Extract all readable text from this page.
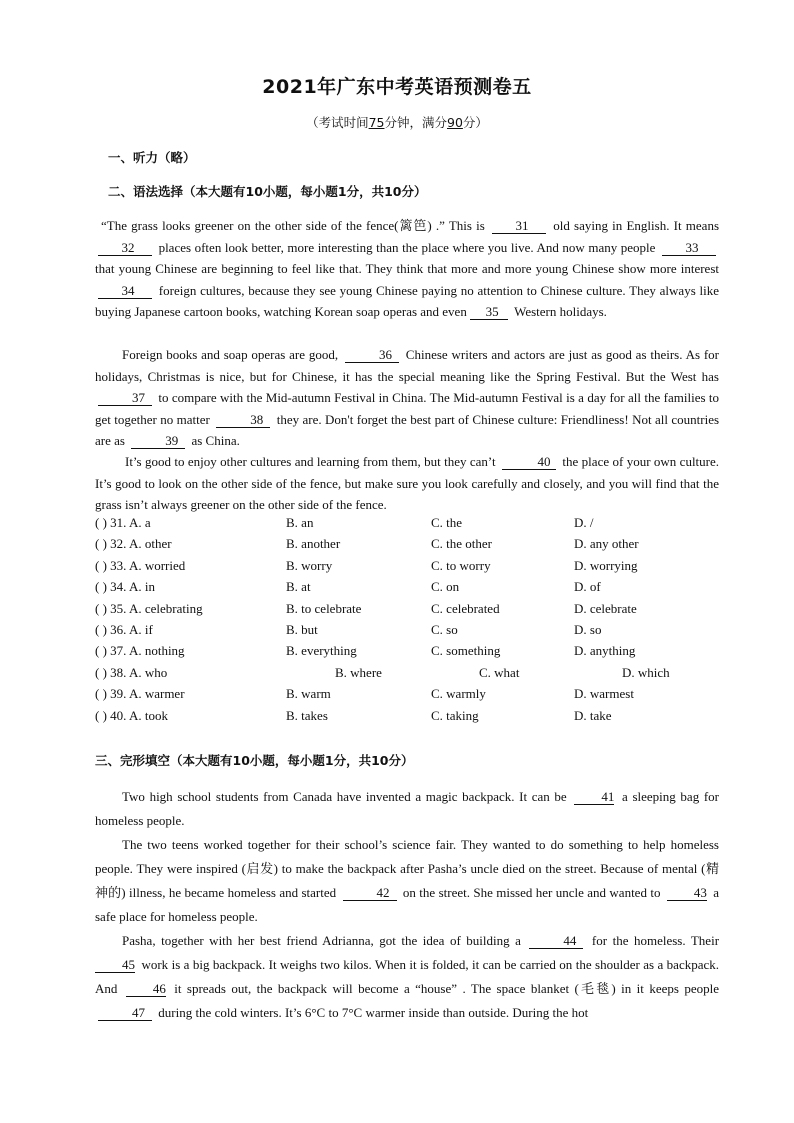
2021年广东中考英语预测卷五
（考试时间75分钟，满分90分）
一、听力（略）
二、语法选择（本大题有10小题，每小题1分，共10分）
“The grass looks greener on the other side of the fence(篱笆) .” This is 31 old saying in English. It means 32 places often look better, more interesting than the place where you live. And now many people 33 that young Chinese are beginning to feel like that. They think that more and more young Chinese show more interest 34 foreign cultures, because they see young Chinese paying no attention to Chinese culture. They always like buying Japanese cartoon books, watching Korean soap operas and even 35 Western holidays.
Foreign books and soap operas are good,	36 Chinese writers and actors are just as good as theirs. As for holidays, Christmas is nice, but for Chinese, it has the special meaning like the Spring Festival. But the West has 37 to compare with the Mid-autumn Festival in China. The Mid-autumn Festival is a day for all the families to get together no matter	38 they are. Don't forget the best part of Chinese culture: Friendliness! Not all countries are as	39 as China.
It’s good to enjoy other cultures and learning from them, but they can’t	40 the place of your own culture. It’s good to look on the other side of the fence, but make sure you look carefully and closely, and you will find that the grass isn’t always greener on the other side of the fence.
( ) 31. A. a	B. an	C. the	D. /
( ) 32. A. other	B. another	C. the other	D. any other
( ) 33. A. worried	B. worry	C. to worry	D. worrying
( ) 34. A. in	B. at	C. on	D. of
( ) 35. A. celebrating	B. to celebrate	C. celebrated	D. celebrate
( ) 36. A. if	B. but	C. so	D. so
( ) 37. A. nothing	B. everything	C. something	D. anything
( ) 38. A. who	B. where	C. what	D. which
( ) 39. A. warmer	B. warm	C. warmly	D. warmest
( ) 40. A. took	B. takes	C. taking	D. take
三、完形填空（本大题有10小题，每小题1分，共10分）
Two high school students from Canada have invented a magic backpack. It can be	41 a sleeping bag for homeless people.
The two teens worked together for their school’s science fair. They wanted to do something to help homeless people. They were inspired (启发) to make the backpack after Pasha’s uncle died on the street. Because of mental (精神的) illness, he became homeless and started	42 on the street. She missed her uncle and wanted to	43 a safe place for homeless people.
Pasha, together with her best friend Adrianna, got the idea of building a	44 for the homeless. Their 45 work is a big backpack. It weighs two kilos. When it is folded, it can be carried on the shoulder as a backpack. And	46 it spreads out, the backpack will become a “house” . The space blanket (毛毯) in it keeps people 47 during the cold winters. It’s 6°C to 7°C warmer inside than outside. During the hot
